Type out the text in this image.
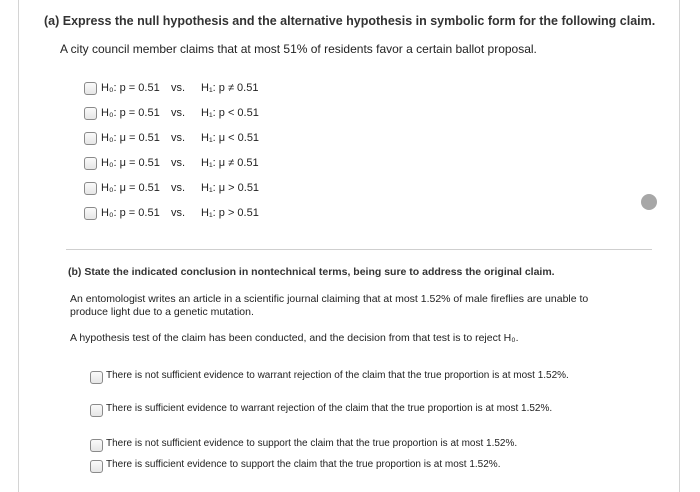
(a) Express the null hypothesis and the alternative hypothesis in symbolic form for the following claim.
A city council member claims that at most 51% of residents favor a certain ballot proposal.
H₀: p = 0.51	vs.	H₁: p ≠ 0.51
H₀: p = 0.51	vs.	H₁: p < 0.51
H₀: μ = 0.51	vs.	H₁: μ < 0.51
H₀: μ = 0.51	vs.	H₁: μ ≠ 0.51
H₀: μ = 0.51	vs.	H₁: μ > 0.51
H₀: p = 0.51	vs.	H₁: p > 0.51
(b) State the indicated conclusion in nontechnical terms, being sure to address the original claim.
An entomologist writes an article in a scientific journal claiming that at most 1.52% of male fireflies are unable to produce light due to a genetic mutation.
A hypothesis test of the claim has been conducted, and the decision from that test is to reject H₀.
There is not sufficient evidence to warrant rejection of the claim that the true proportion is at most 1.52%.
There is sufficient evidence to warrant rejection of the claim that the true proportion is at most 1.52%.
There is not sufficient evidence to support the claim that the true proportion is at most 1.52%.
There is sufficient evidence to support the claim that the true proportion is at most 1.52%.
